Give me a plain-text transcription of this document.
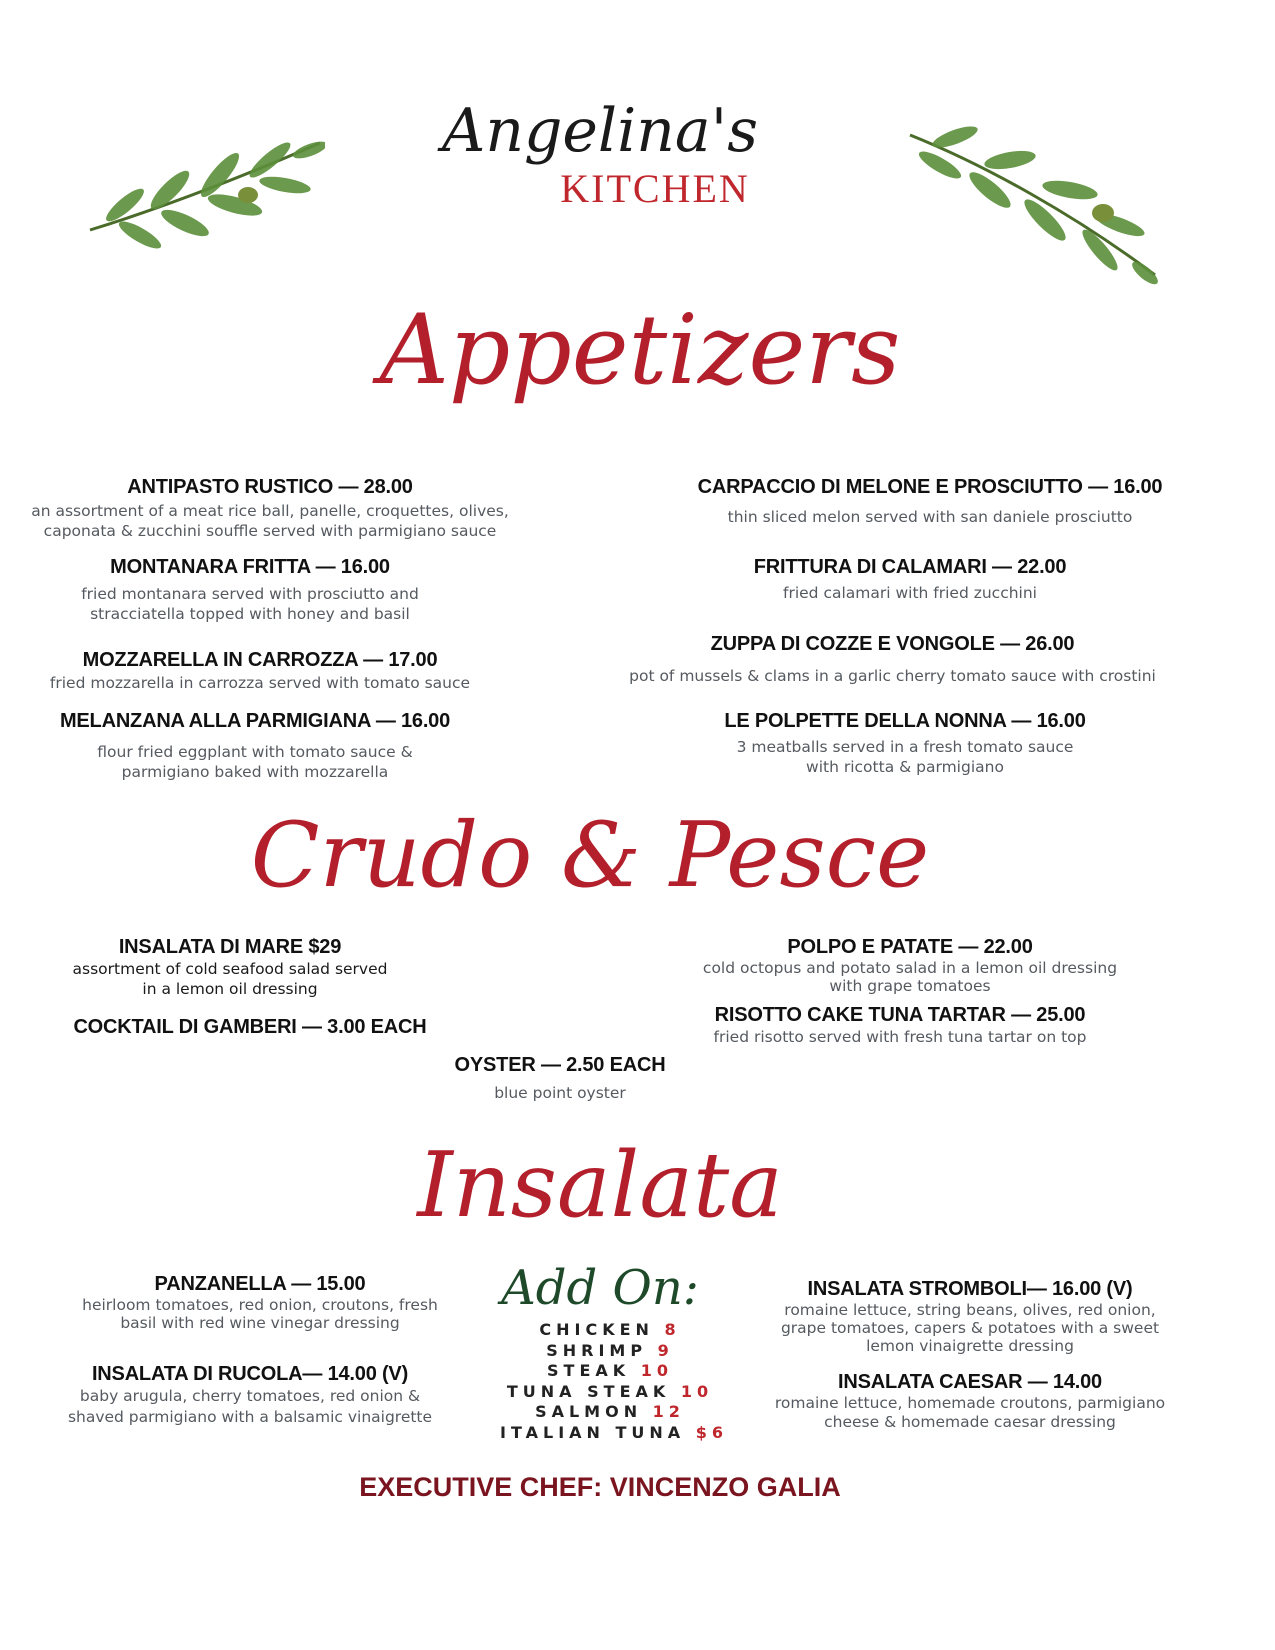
Angelina's
KITCHEN
Appetizers
ANTIPASTO RUSTICO — 28.00
an assortment of a meat rice ball, panelle, croquettes, olives,
caponata & zucchini souffle served with parmigiano sauce
MONTANARA FRITTA — 16.00
fried montanara served with prosciutto and
stracciatella topped with honey and basil
MOZZARELLA IN CARROZZA — 17.00
fried mozzarella in carrozza served with tomato sauce
MELANZANA ALLA PARMIGIANA — 16.00
flour fried eggplant with tomato sauce &
parmigiano baked with mozzarella
CARPACCIO DI MELONE E PROSCIUTTO — 16.00
thin sliced melon served with san daniele prosciutto
FRITTURA DI CALAMARI — 22.00
fried calamari with fried zucchini
ZUPPA DI COZZE E VONGOLE — 26.00
pot of mussels & clams in a garlic cherry tomato sauce with crostini
LE POLPETTE DELLA NONNA — 16.00
3 meatballs served in a fresh tomato sauce
with ricotta & parmigiano
Crudo & Pesce
INSALATA DI MARE $29
assortment of cold seafood salad served
in a lemon oil dressing
COCKTAIL DI GAMBERI — 3.00 EACH
POLPO E PATATE — 22.00
cold octopus and potato salad in a lemon oil dressing
with grape tomatoes
RISOTTO CAKE TUNA TARTAR — 25.00
fried risotto served with fresh tuna tartar on top
OYSTER — 2.50 EACH
blue point oyster
Insalata
PANZANELLA — 15.00
heirloom tomatoes, red onion, croutons, fresh
basil with red wine vinegar dressing
INSALATA DI RUCOLA— 14.00 (V)
baby arugula, cherry tomatoes, red onion &
shaved parmigiano with a balsamic vinaigrette
Add On:
CHICKEN 8
SHRIMP 9
STEAK 10
TUNA STEAK 10
SALMON 12
ITALIAN TUNA $6
INSALATA STROMBOLI— 16.00 (V)
romaine lettuce, string beans, olives, red onion,
grape tomatoes, capers & potatoes with a sweet
lemon vinaigrette dressing
INSALATA CAESAR — 14.00
romaine lettuce, homemade croutons, parmigiano
cheese & homemade caesar dressing
EXECUTIVE CHEF: VINCENZO GALIA
